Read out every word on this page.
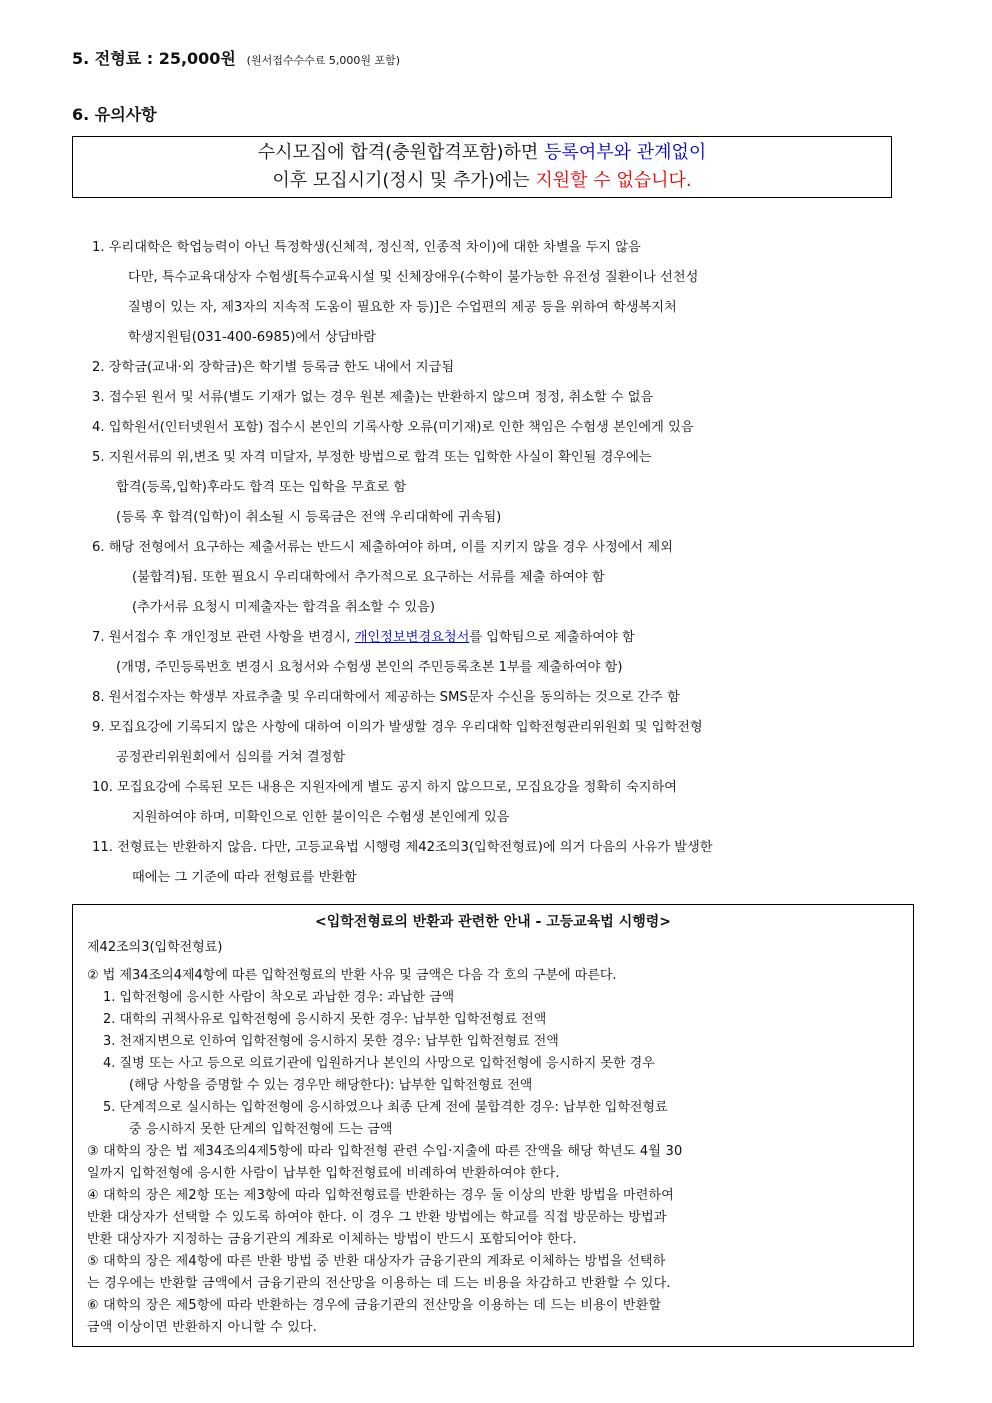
5. 전형료 : 25,000원 (원서접수수수료 5,000원 포함)
6. 유의사항
수시모집에 합격(충원합격포함)하면 등록여부와 관계없이
이후 모집시기(정시 및 추가)에는 지원할 수 없습니다.
1. 우리대학은 학업능력이 아닌 특정학생(신체적, 정신적, 인종적 차이)에 대한 차별을 두지 않음
다만, 특수교육대상자 수험생[특수교육시설 및 신체장애우(수학이 불가능한 유전성 질환이나 선천성
질병이 있는 자, 제3자의 지속적 도움이 필요한 자 등)]은 수업편의 제공 등을 위하여 학생복지처
학생지원팀(031-400-6985)에서 상담바람
2. 장학금(교내·외 장학금)은 학기별 등록금 한도 내에서 지급됨
3. 접수된 원서 및 서류(별도 기재가 없는 경우 원본 제출)는 반환하지 않으며 정정, 취소할 수 없음
4. 입학원서(인터넷원서 포함) 접수시 본인의 기록사항 오류(미기재)로 인한 책임은 수험생 본인에게 있음
5. 지원서류의 위,변조 및 자격 미달자, 부정한 방법으로 합격 또는 입학한 사실이 확인될 경우에는
합격(등록,입학)후라도 합격 또는 입학을 무효로 함
(등록 후 합격(입학)이 취소될 시 등록금은 전액 우리대학에 귀속됨)
6. 해당 전형에서 요구하는 제출서류는 반드시 제출하여야 하며, 이를 지키지 않을 경우 사정에서 제외
(불합격)됨. 또한 필요시 우리대학에서 추가적으로 요구하는 서류를 제출 하여야 함
(추가서류 요청시 미제출자는 합격을 취소할 수 있음)
7. 원서접수 후 개인정보 관련 사항을 변경시, 개인정보변경요청서를 입학팀으로 제출하여야 함
(개명, 주민등록번호 변경시 요청서와 수험생 본인의 주민등록초본 1부를 제출하여야 함)
8. 원서접수자는 학생부 자료추출 및 우리대학에서 제공하는 SMS문자 수신을 동의하는 것으로 간주 함
9. 모집요강에 기록되지 않은 사항에 대하여 이의가 발생할 경우 우리대학 입학전형관리위원회 및 입학전형
공정관리위원회에서 심의를 거쳐 결정함
10. 모집요강에 수록된 모든 내용은 지원자에게 별도 공지 하지 않으므로, 모집요강을 정확히 숙지하여
지원하여야 하며, 미확인으로 인한 불이익은 수험생 본인에게 있음
11. 전형료는 반환하지 않음. 다만, 고등교육법 시행령 제42조의3(입학전형료)에 의거 다음의 사유가 발생한
때에는 그 기준에 따라 전형료를 반환함
<입학전형료의 반환과 관련한 안내 - 고등교육법 시행령>
제42조의3(입학전형료)
② 법 제34조의4제4항에 따른 입학전형료의 반환 사유 및 금액은 다음 각 호의 구분에 따른다.
1. 입학전형에 응시한 사람이 착오로 과납한 경우: 과납한 금액
2. 대학의 귀책사유로 입학전형에 응시하지 못한 경우: 납부한 입학전형료 전액
3. 천재지변으로 인하여 입학전형에 응시하지 못한 경우: 납부한 입학전형료 전액
4. 질병 또는 사고 등으로 의료기관에 입원하거나 본인의 사망으로 입학전형에 응시하지 못한 경우
(해당 사항을 증명할 수 있는 경우만 해당한다): 납부한 입학전형료 전액
5. 단계적으로 실시하는 입학전형에 응시하였으나 최종 단계 전에 불합격한 경우: 납부한 입학전형료
중 응시하지 못한 단계의 입학전형에 드는 금액
③ 대학의 장은 법 제34조의4제5항에 따라 입학전형 관련 수입·지출에 따른 잔액을 해당 학년도 4월 30
일까지 입학전형에 응시한 사람이 납부한 입학전형료에 비례하여 반환하여야 한다.
④ 대학의 장은 제2항 또는 제3항에 따라 입학전형료를 반환하는 경우 둘 이상의 반환 방법을 마련하여
반환 대상자가 선택할 수 있도록 하여야 한다. 이 경우 그 반환 방법에는 학교를 직접 방문하는 방법과
반환 대상자가 지정하는 금융기관의 계좌로 이체하는 방법이 반드시 포함되어야 한다.
⑤ 대학의 장은 제4항에 따른 반환 방법 중 반환 대상자가 금융기관의 계좌로 이체하는 방법을 선택하
는 경우에는 반환할 금액에서 금융기관의 전산망을 이용하는 데 드는 비용을 차감하고 반환할 수 있다.
⑥ 대학의 장은 제5항에 따라 반환하는 경우에 금융기관의 전산망을 이용하는 데 드는 비용이 반환할
금액 이상이면 반환하지 아니할 수 있다.
